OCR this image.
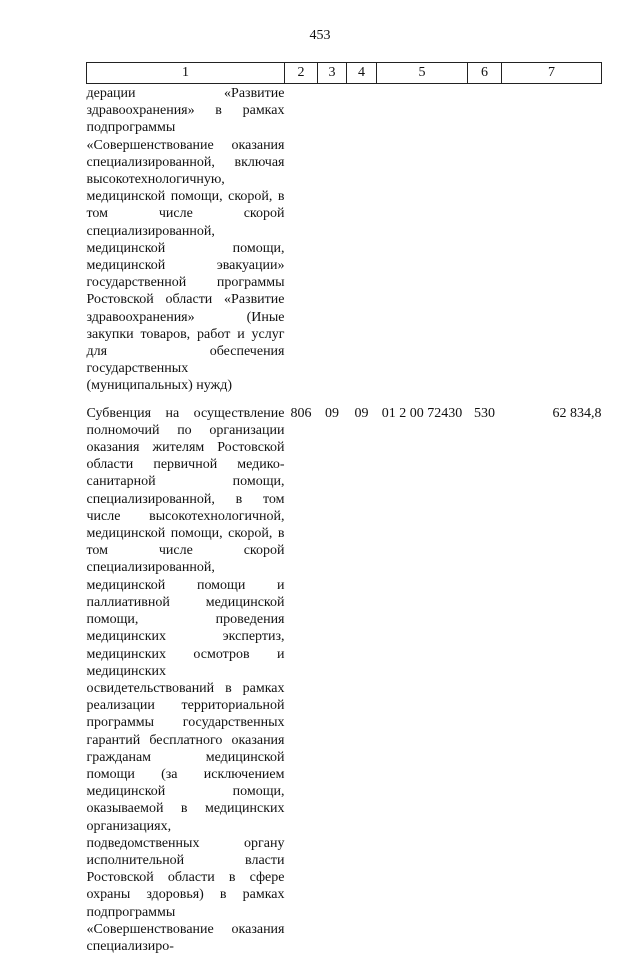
453
1	2	3	4	5	6	7
дерации «Развитие здравоохранения» в рамках подпрограммы «Совершенствование оказания специализированной, включая высокотехнологичную, медицинской помощи, скорой, в том числе скорой специализированной, медицинской помощи, медицинской эвакуации» государственной программы Ростовской области «Развитие здравоохранения» (Иные закупки товаров, работ и услуг для обеспечения государственных (муниципальных) нужд)						
Субвенция на осуществление полномочий по организации оказания жителям Ростовской области первичной медико-санитарной помощи, специализированной, в том числе высокотехнологичной, медицинской помощи, скорой, в том числе скорой специализированной, медицинской помощи и паллиативной медицинской помощи, проведения медицинских экспертиз, медицинских осмотров и медицинских освидетельствований в рамках реализации территориальной программы государственных гарантий бесплатного оказания гражданам медицинской помощи (за исключением медицинской помощи, оказываемой в медицинских организациях, подведомственных органу исполнительной власти Ростовской области в сфере охраны здоровья) в рамках подпрограммы «Совершенствование оказания специализиро-	806	09	09	01 2 00 72430	530	62 834,8
